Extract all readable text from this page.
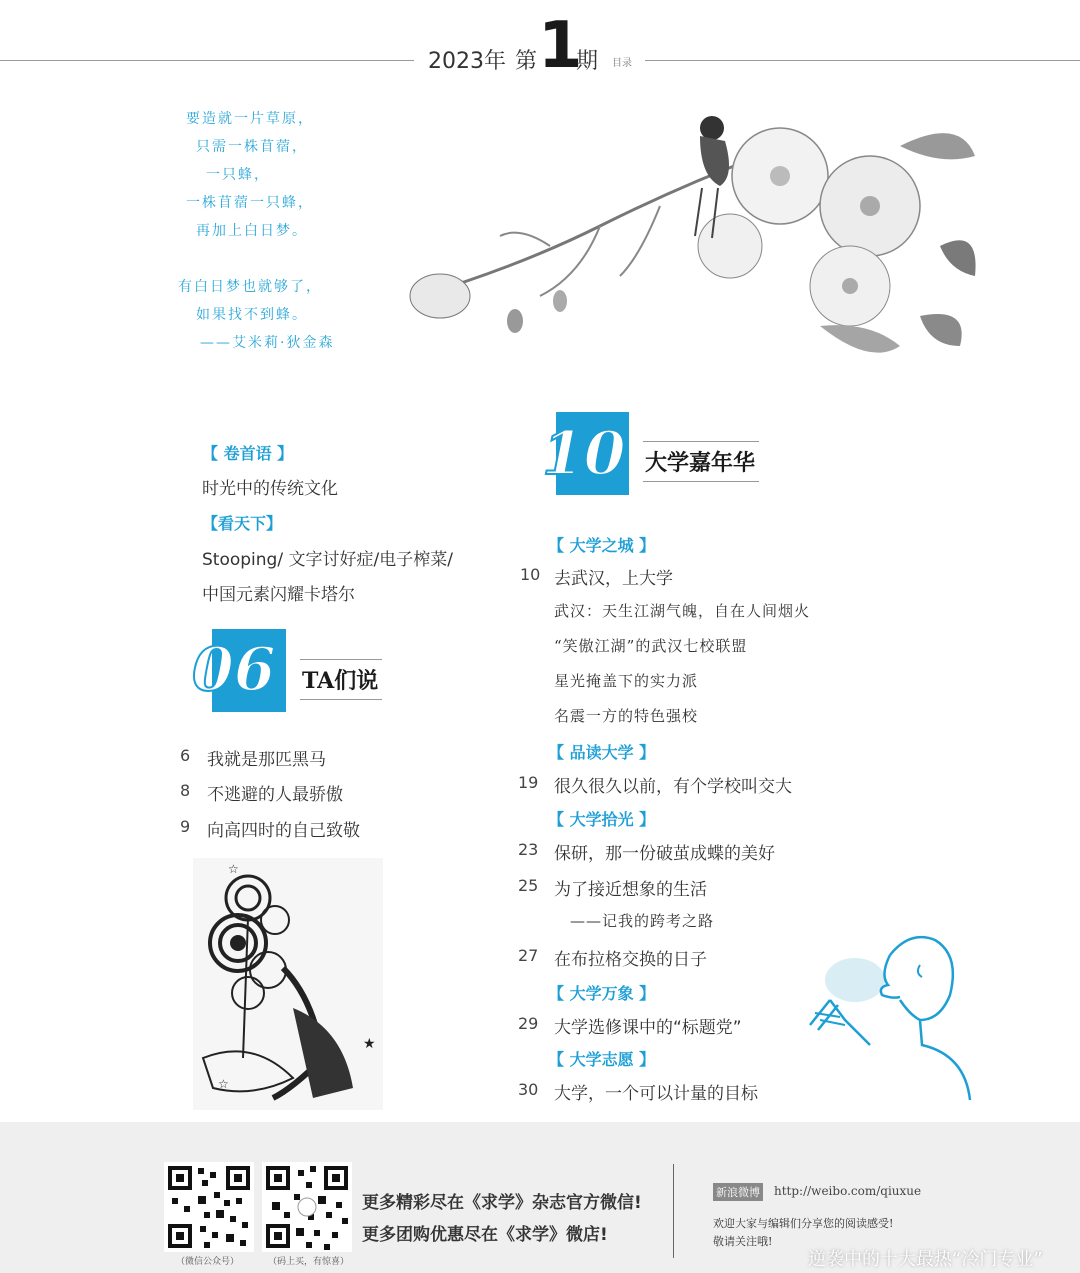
2023年 第 1
期 目录
要造就一片草原，
只需一株苜蓿，
一只蜂，
一株苜蓿一只蜂，
再加上白日梦。
有白日梦也就够了，
如果找不到蜂。
——艾米莉·狄金森
【 卷首语 】
时光中的传统文化
【看天下】
Stooping/ 文字讨好症/电子榨菜/
中国元素闪耀卡塔尔
06 TA们说
6 我就是那匹黑马
8 不逃避的人最骄傲
9 向高四时的自己致敬
★
☆
☆
10 大学嘉年华
【 大学之城 】
10 去武汉，上大学
武汉：天生江湖气魄，自在人间烟火
“笑傲江湖”的武汉七校联盟
星光掩盖下的实力派
名震一方的特色强校
【 品读大学 】
19 很久很久以前，有个学校叫交大
【 大学拾光 】
23 保研，那一份破茧成蝶的美好
25 为了接近想象的生活
——记我的跨考之路
27 在布拉格交换的日子
【 大学万象 】
29 大学选修课中的“标题党”
【 大学志愿 】
30 大学，一个可以计量的目标
（微信公众号）	（码上买，有惊喜）
更多精彩尽在《求学》杂志官方微信!
更多团购优惠尽在《求学》微店!
新浪微博 http://weibo.com/qiuxue
欢迎大家与编辑们分享您的阅读感受!
敬请关注哦!
逆袭中的十大最热“冷门专业”
